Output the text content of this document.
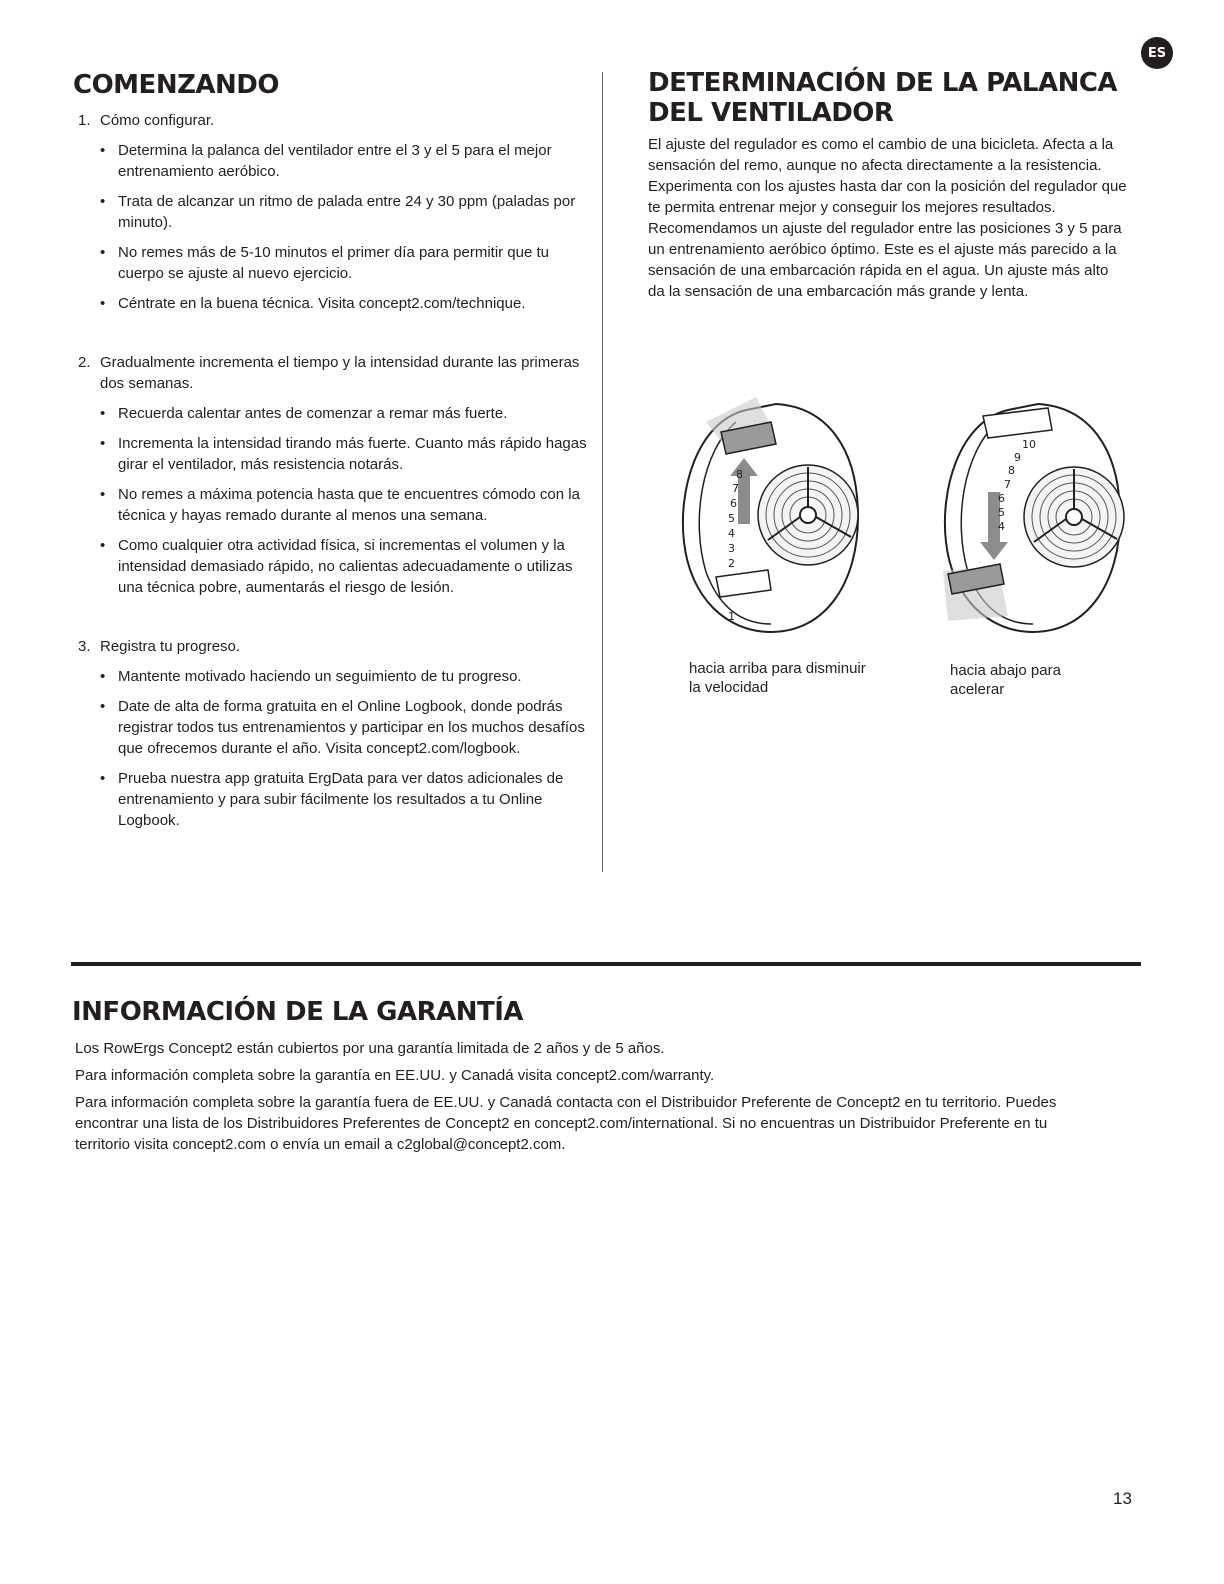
ES
COMENZANDO
1. Cómo configurar.
• Determina la palanca del ventilador entre el 3 y el 5 para el mejor entrenamiento aeróbico.
• Trata de alcanzar un ritmo de palada entre 24 y 30 ppm (paladas por minuto).
• No remes más de 5-10 minutos el primer día para permitir que tu cuerpo se ajuste al nuevo ejercicio.
• Céntrate en la buena técnica. Visita concept2.com/technique.
2. Gradualmente incrementa el tiempo y la intensidad durante las primeras dos semanas.
• Recuerda calentar antes de comenzar a remar más fuerte.
• Incrementa la intensidad tirando más fuerte. Cuanto más rápido hagas girar el ventilador, más resistencia notarás.
• No remes a máxima potencia hasta que te encuentres cómodo con la técnica y hayas remado durante al menos una semana.
• Como cualquier otra actividad física, si incrementas el volumen y la intensidad demasiado rápido, no calientas adecuadamente o utilizas una técnica pobre, aumentarás el riesgo de lesión.
3. Registra tu progreso.
• Mantente motivado haciendo un seguimiento de tu progreso.
• Date de alta de forma gratuita en el Online Logbook, donde podrás registrar todos tus entrenamientos y participar en los muchos desafíos que ofrecemos durante el año. Visita concept2.com/logbook.
• Prueba nuestra app gratuita ErgData para ver datos adicionales de entrenamiento y para subir fácilmente los resultados a tu Online Logbook.
DETERMINACIÓN DE LA PALANCA DEL VENTILADOR

El ajuste del regulador es como el cambio de una bicicleta. Afecta a la sensación del remo, aunque no afecta directamente a la resistencia. Experimenta con los ajustes hasta dar con la posición del regulador que te permita entrenar mejor y conseguir los mejores resultados. Recomendamos un ajuste del regulador entre las posiciones 3 y 5 para un entrenamiento aeróbico óptimo. Este es el ajuste más parecido a la sensación de una embarcación rápida en el agua. Un ajuste más alto da la sensación de una embarcación más grande y lenta.

1
2
3
4
5
6
7
8
4
5
6
7
8
9
10
hacia arriba para disminuir la velocidad
hacia abajo para acelerar
INFORMACIÓN DE LA GARANTÍA

Los RowErgs Concept2 están cubiertos por una garantía limitada de 2 años y de 5 años.

Para información completa sobre la garantía en EE.UU. y Canadá visita concept2.com/warranty.

Para información completa sobre la garantía fuera de EE.UU. y Canadá contacta con el Distribuidor Preferente de Concept2 en tu territorio. Puedes encontrar una lista de los Distribuidores Preferentes de Concept2 en concept2.com/international. Si no encuentras un Distribuidor Preferente en tu territorio visita concept2.com o envía un email a c2global@concept2.com.

13
